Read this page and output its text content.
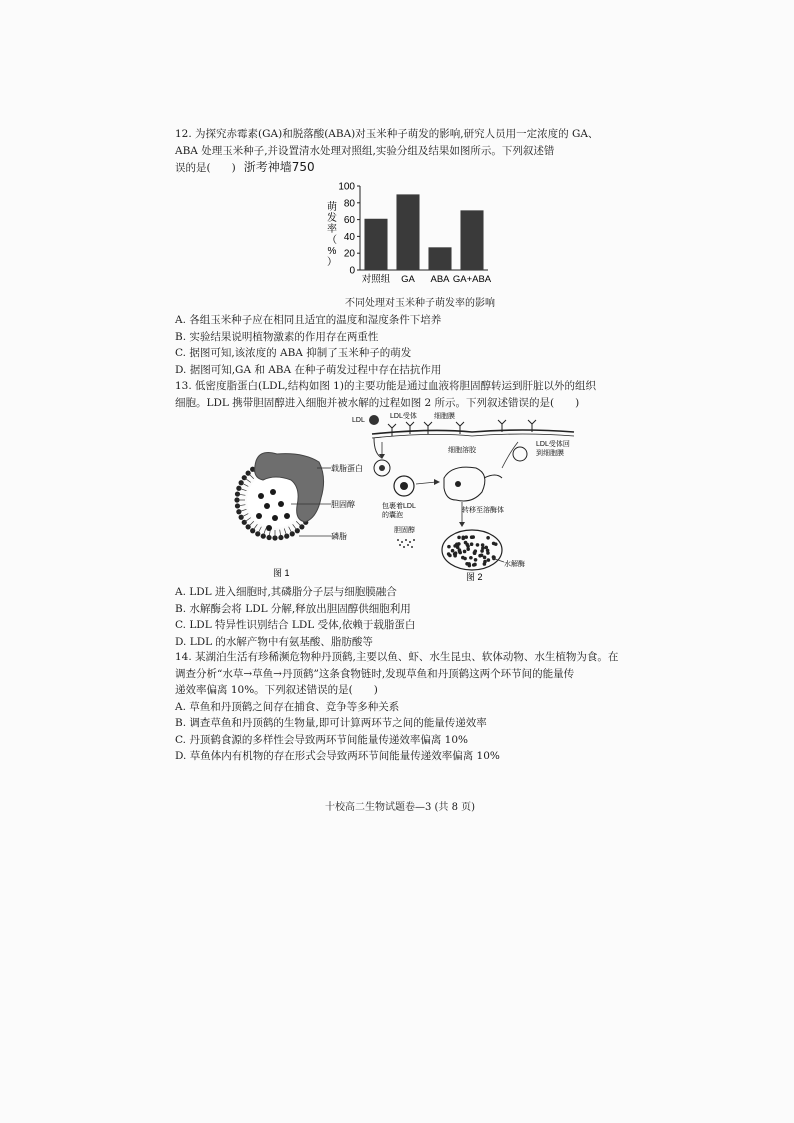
12. 为探究赤霉素(GA)和脱落酸(ABA)对玉米种子萌发的影响,研究人员用一定浓度的 GA、

ABA 处理玉米种子,并设置清水处理对照组,实验分组及结果如图所示。下列叙述错

误的是(　　) 浙考神墙750

萌发率（%）
0
20
40
60
80
100
对照组 GA ABA GA+ABA
不同处理对玉米种子萌发率的影响

A. 各组玉米种子应在相同且适宜的温度和湿度条件下培养

B. 实验结果说明植物激素的作用存在两重性

C. 据图可知,该浓度的 ABA 抑制了玉米种子的萌发

D. 据图可知,GA 和 ABA 在种子萌发过程中存在拮抗作用

13. 低密度脂蛋白(LDL,结构如图 1)的主要功能是通过血液将胆固醇转运到肝脏以外的组织

细胞。LDL 携带胆固醇进入细胞并被水解的过程如图 2 所示。下列叙述错误的是(　　)

载脂蛋白
胆固醇
磷脂
图 1
LDL
LDL受体 细胞膜
细胞溶胶
包裹着LDL
的囊泡
转移至溶酶体
LDL受体回
到细胞膜
胆固醇
水解酶
图 2

A. LDL 进入细胞时,其磷脂分子层与细胞膜融合

B. 水解酶会将 LDL 分解,释放出胆固醇供细胞利用

C. LDL 特异性识别结合 LDL 受体,依赖于载脂蛋白

D. LDL 的水解产物中有氨基酸、脂肪酸等

14. 某湖泊生活有珍稀濒危物种丹顶鹤,主要以鱼、虾、水生昆虫、软体动物、水生植物为食。在

调查分析“水草→草鱼→丹顶鹤”这条食物链时,发现草鱼和丹顶鹤这两个环节间的能量传

递效率偏离 10%。下列叙述错误的是(　　)

A. 草鱼和丹顶鹤之间存在捕食、竞争等多种关系

B. 调查草鱼和丹顶鹤的生物量,即可计算两环节之间的能量传递效率

C. 丹顶鹤食源的多样性会导致两环节间能量传递效率偏离 10%

D. 草鱼体内有机物的存在形式会导致两环节间能量传递效率偏离 10%

十校高二生物试题卷—3 (共 8 页)
